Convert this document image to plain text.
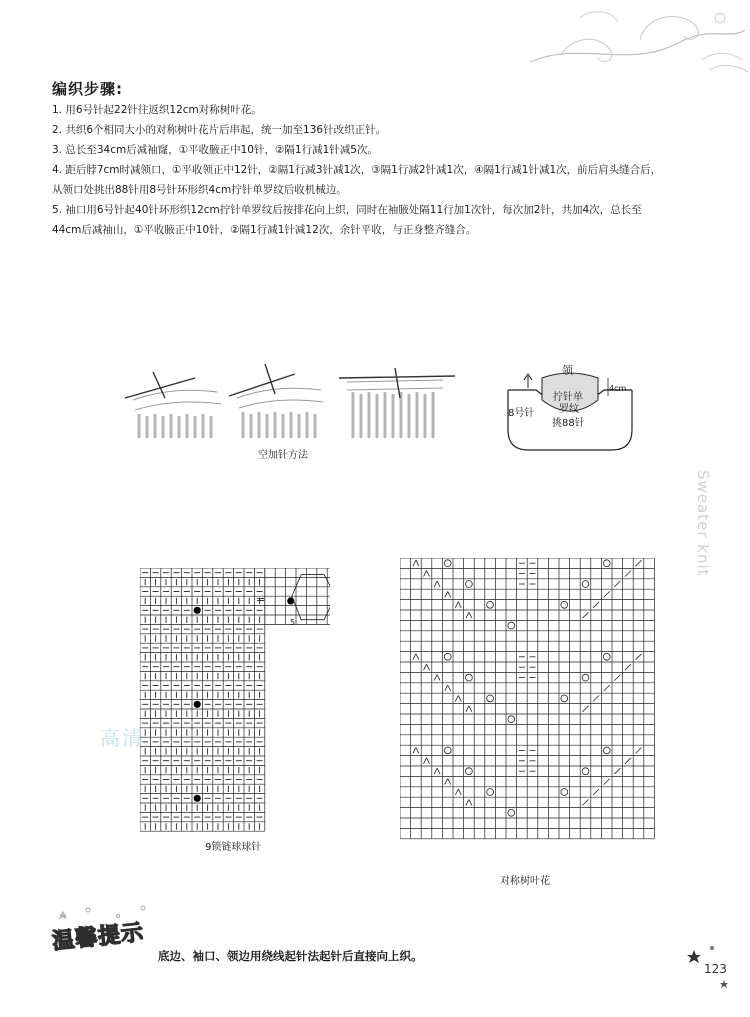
编织步骤:
1. 用6号针起22针往返织12cm对称树叶花。
2. 共织6个相同大小的对称树叶花片后串起，统一加至136针改织正针。
3. 总长至34cm后减袖窿，①平收腋正中10针，②隔1行减1针减5次。
4. 距后脖7cm时减领口，①平收领正中12针，②隔1行减3针减1次，③隔1行减2针减1次，④隔1行减1针减1次，前后肩头缝合后，
从领口处挑出88针用8号针环形织4cm拧针单罗纹后收机械边。
5. 袖口用6号针起40针环形织12cm拧针单罗纹后按排花向上织，同时在袖腋处隔11行加1次针，每次加2针，共加4次，总长至
44cm后减袖山，①平收腋正中10针，②隔1行减1针减12次，余针平收，与正身整齐缝合。
空加针方法
领
4cm
拧针单
罗纹
8号针
挑88针
Sweater knit
=
5
9锁链球球针
高清
对称树叶花
温馨提示
底边、袖口、领边用绕线起针法起针后直接向上织。
123
